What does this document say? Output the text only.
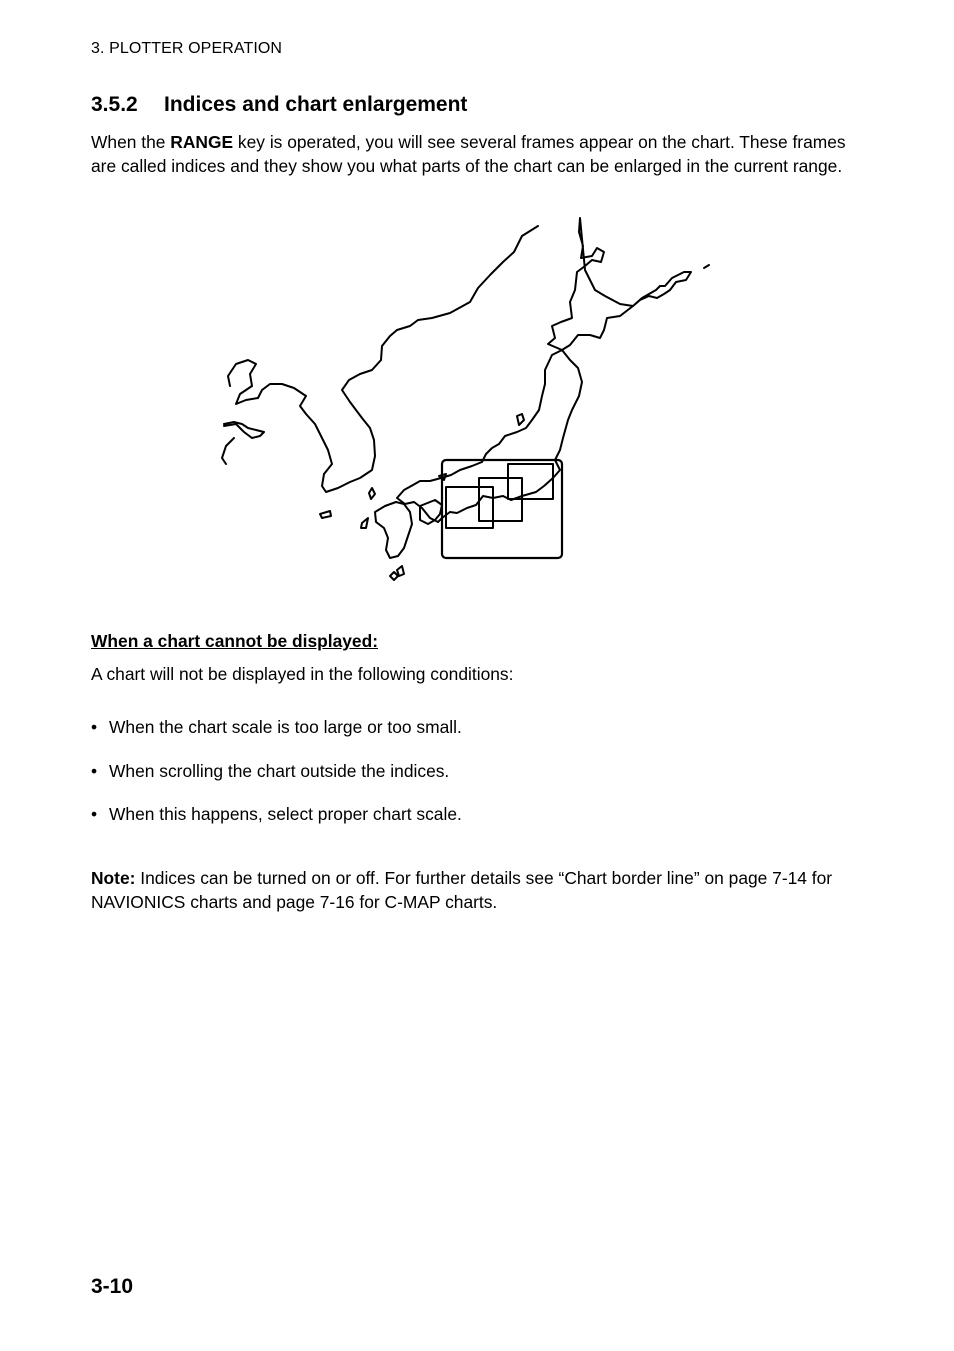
3. PLOTTER OPERATION
3.5.2 Indices and chart enlargement

When the RANGE key is operated, you will see several frames appear on the chart. These frames are called indices and they show you what parts of the chart can be enlarged in the current range.

When a chart cannot be displayed:

A chart will not be displayed in the following conditions:

• When the chart scale is too large or too small.
• When scrolling the chart outside the indices.
• When this happens, select proper chart scale.

Note: Indices can be turned on or off. For further details see “Chart border line” on page 7-14 for NAVIONICS charts and page 7-16 for C-MAP charts.

3-10
